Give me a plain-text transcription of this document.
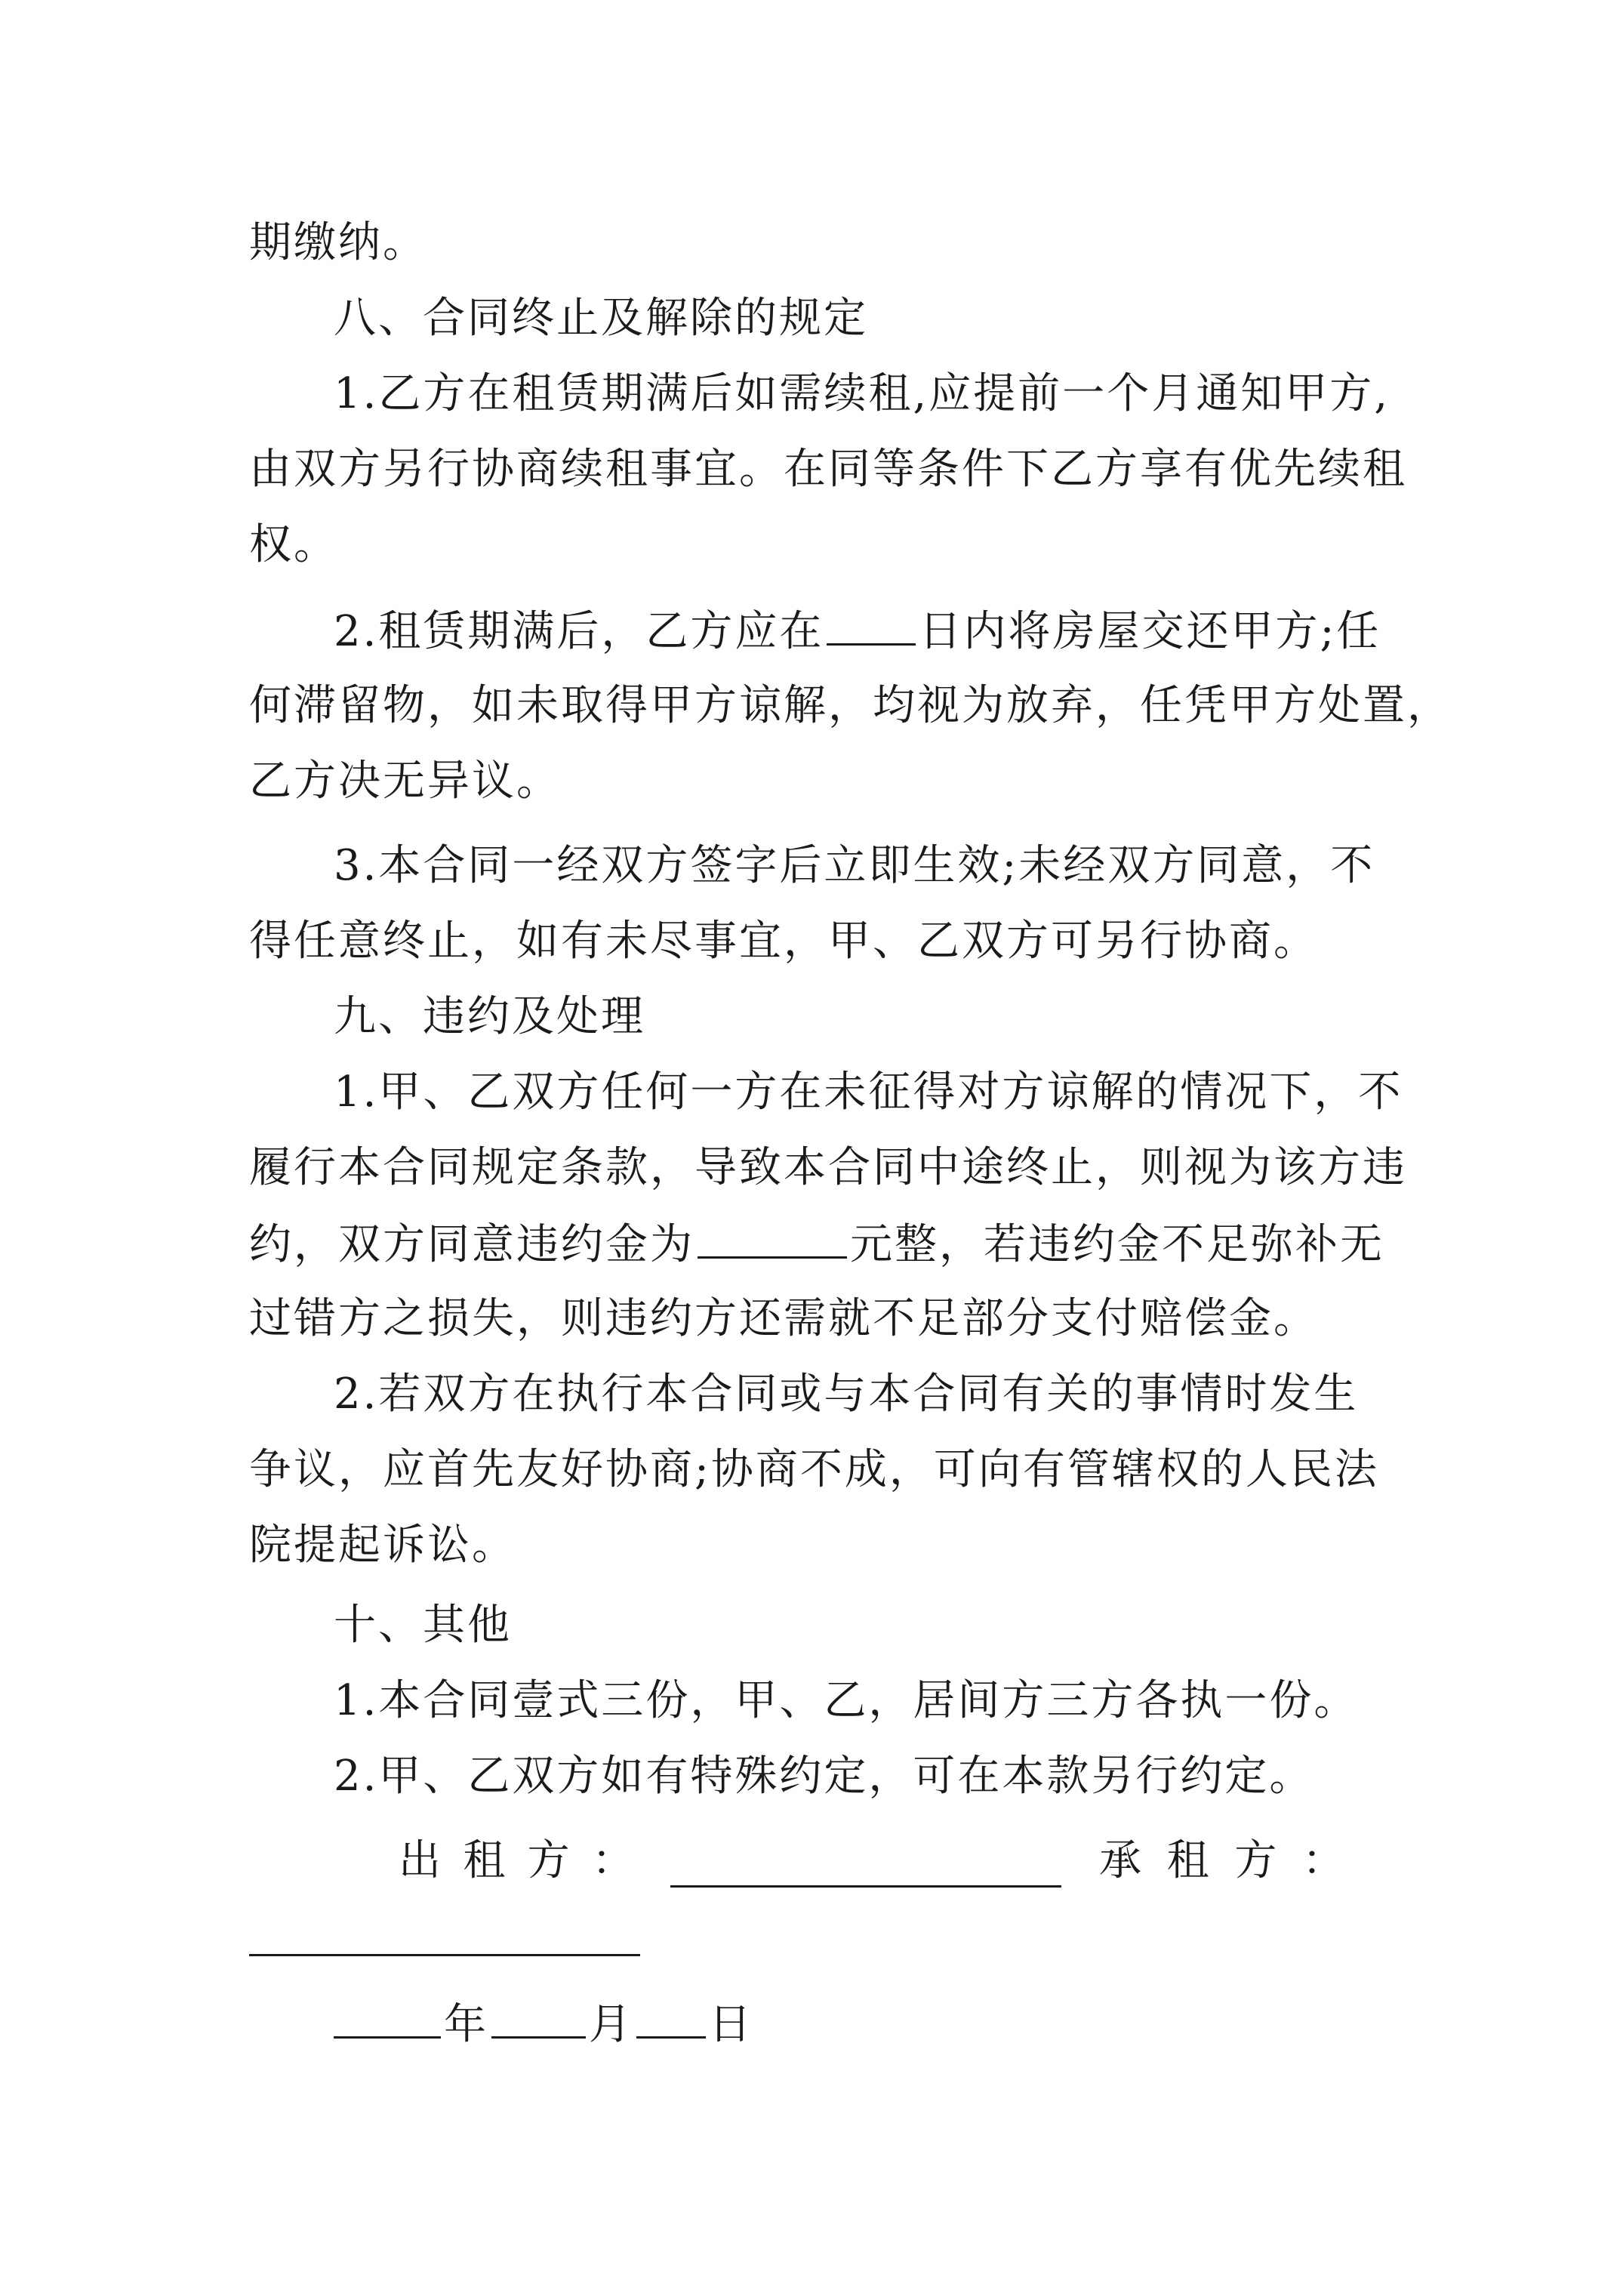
期缴纳。
八、合同终止及解除的规定
1.乙方在租赁期满后如需续租,应提前一个月通知甲方,
由双方另行协商续租事宜。在同等条件下乙方享有优先续租
权。
2.租赁期满后，乙方应在 日内将房屋交还甲方;任
何滞留物，如未取得甲方谅解，均视为放弃，任凭甲方处置，
乙方决无异议。
3.本合同一经双方签字后立即生效;未经双方同意，不
得任意终止，如有未尽事宜，甲、乙双方可另行协商。
九、违约及处理
1.甲、乙双方任何一方在未征得对方谅解的情况下，不
履行本合同规定条款，导致本合同中途终止，则视为该方违
约，双方同意违约金为	元整，若违约金不足弥补无
过错方之损失，则违约方还需就不足部分支付赔偿金。
2.若双方在执行本合同或与本合同有关的事情时发生
争议，应首先友好协商;协商不成，可向有管辖权的人民法
院提起诉讼。
十、其他
1.本合同壹式三份，甲、乙，居间方三方各执一份。
2.甲、乙双方如有特殊约定，可在本款另行约定。
出 租 方 ：	承 租 方 ：
年 月 日
